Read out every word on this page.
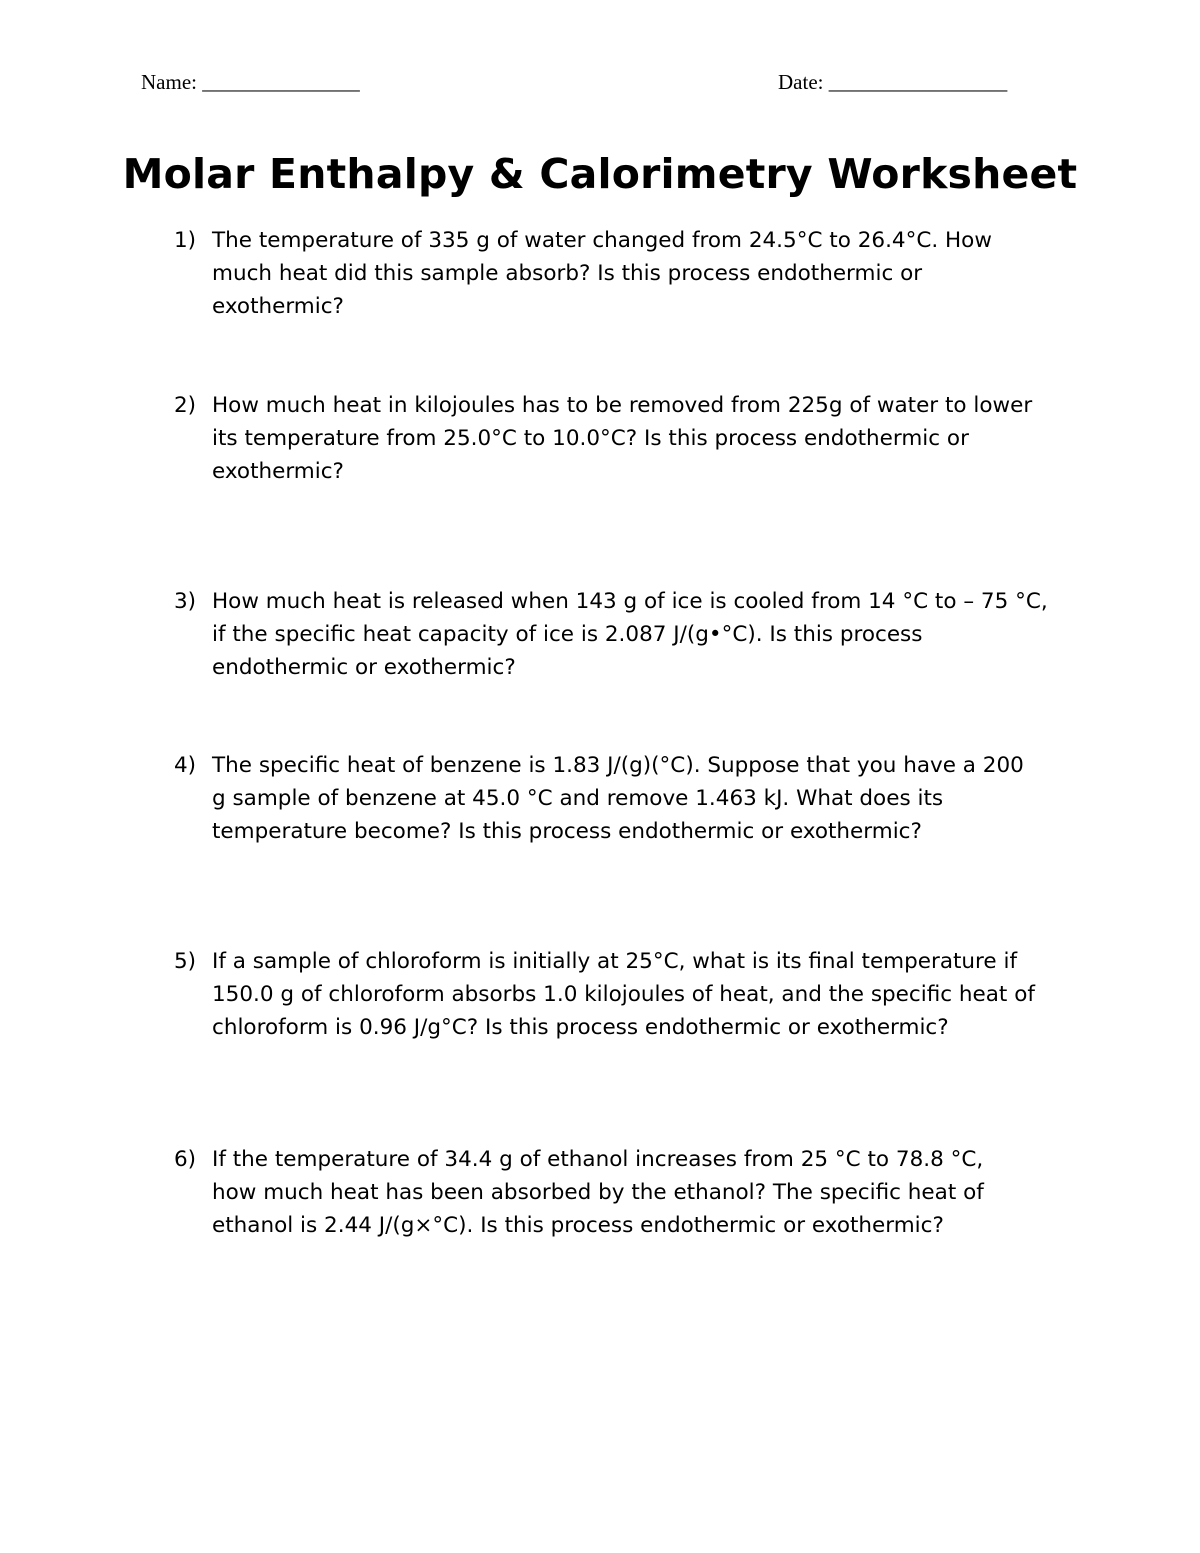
Name: _______________	Date: _________________
Molar Enthalpy & Calorimetry Worksheet
1) The temperature of 335 g of water changed from 24.5°C to 26.4°C. How
much heat did this sample absorb? Is this process endothermic or
exothermic?
2) How much heat in kilojoules has to be removed from 225g of water to lower
its temperature from 25.0°C to 10.0°C? Is this process endothermic or
exothermic?
3) How much heat is released when 143 g of ice is cooled from 14 °C to – 75 °C,
if the specific heat capacity of ice is 2.087 J/(g•°C). Is this process
endothermic or exothermic?
4) The specific heat of benzene is 1.83 J/(g)(°C). Suppose that you have a 200
g sample of benzene at 45.0 °C and remove 1.463 kJ. What does its
temperature become? Is this process endothermic or exothermic?
5) If a sample of chloroform is initially at 25°C, what is its final temperature if
150.0 g of chloroform absorbs 1.0 kilojoules of heat, and the specific heat of
chloroform is 0.96 J/g°C? Is this process endothermic or exothermic?
6) If the temperature of 34.4 g of ethanol increases from 25 °C to 78.8 °C,
how much heat has been absorbed by the ethanol? The specific heat of
ethanol is 2.44 J/(g×°C). Is this process endothermic or exothermic?
